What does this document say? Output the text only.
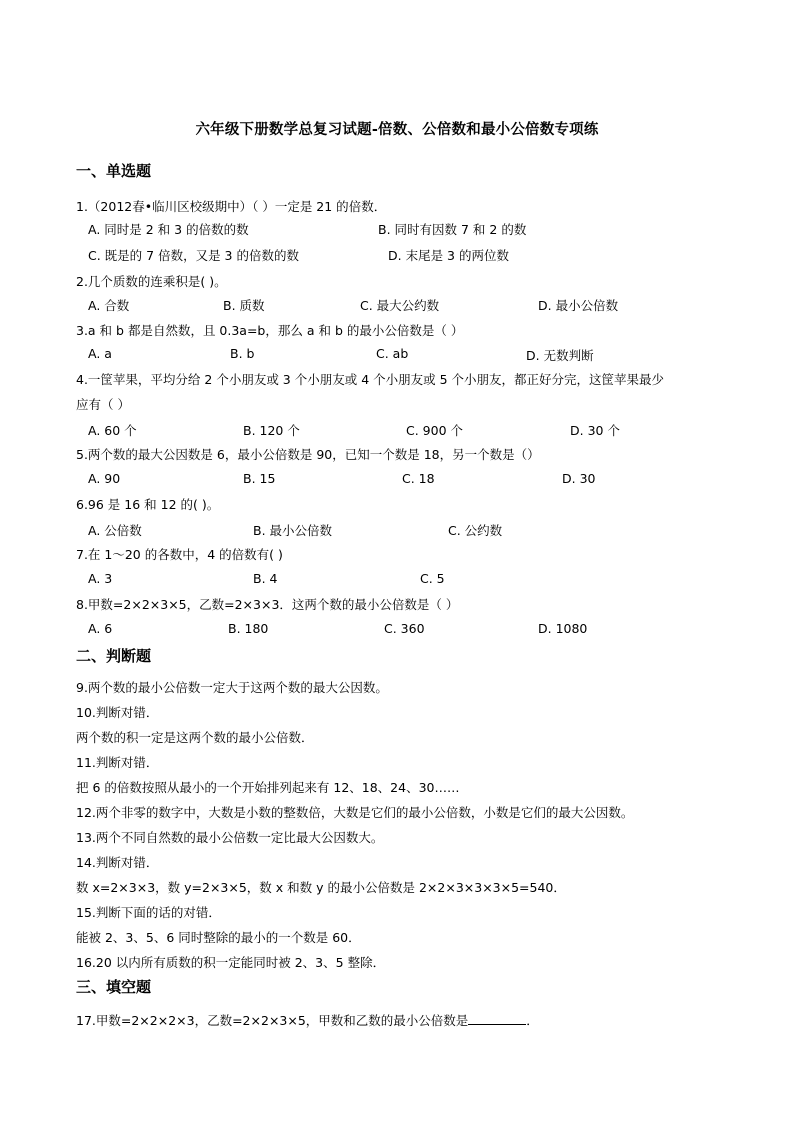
六年级下册数学总复习试题-倍数、公倍数和最小公倍数专项练
一、单选题
1.（2012春•临川区校级期中）（ ）一定是 21 的倍数．
A. 同时是 2 和 3 的倍数的数	B. 同时有因数 7 和 2 的数
C. 既是的 7 倍数，又是 3 的倍数的数	D. 末尾是 3 的两位数
2.几个质数的连乘积是( )。
A. 合数	B. 质数	C. 最大公约数	D. 最小公倍数
3.a 和 b 都是自然数，且 0.3a=b，那么 a 和 b 的最小公倍数是（ ）
A. a	B. b	C. ab	D. 无数判断
4.一筐苹果，平均分给 2 个小朋友或 3 个小朋友或 4 个小朋友或 5 个小朋友，都正好分完，这筐苹果最少
应有（ ）
A. 60 个	B. 120 个	C. 900 个	D. 30 个
5.两个数的最大公因数是 6，最小公倍数是 90，已知一个数是 18，另一个数是（）
A. 90	B. 15	C. 18	D. 30
6.96 是 16 和 12 的( )。
A. 公倍数	B. 最小公倍数	C. 公约数
7.在 1～20 的各数中，4 的倍数有( )
A. 3	B. 4	C. 5
8.甲数=2×2×3×5，乙数=2×3×3．这两个数的最小公倍数是（ ）
A. 6	B. 180	C. 360	D. 1080
二、判断题
9.两个数的最小公倍数一定大于这两个数的最大公因数。
10.判断对错．
两个数的积一定是这两个数的最小公倍数．
11.判断对错．
把 6 的倍数按照从最小的一个开始排列起来有 12、18、24、30……
12.两个非零的数字中，大数是小数的整数倍，大数是它们的最小公倍数，小数是它们的最大公因数。
13.两个不同自然数的最小公倍数一定比最大公因数大。
14.判断对错．
数 x=2×3×3，数 y=2×3×5，数 x 和数 y 的最小公倍数是 2×2×3×3×3×5=540．
15.判断下面的话的对错．
能被 2、3、5、6 同时整除的最小的一个数是 60．
16.20 以内所有质数的积一定能同时被 2、3、5 整除．
三、填空题
17.甲数=2×2×2×3，乙数=2×2×3×5，甲数和乙数的最小公倍数是	．
